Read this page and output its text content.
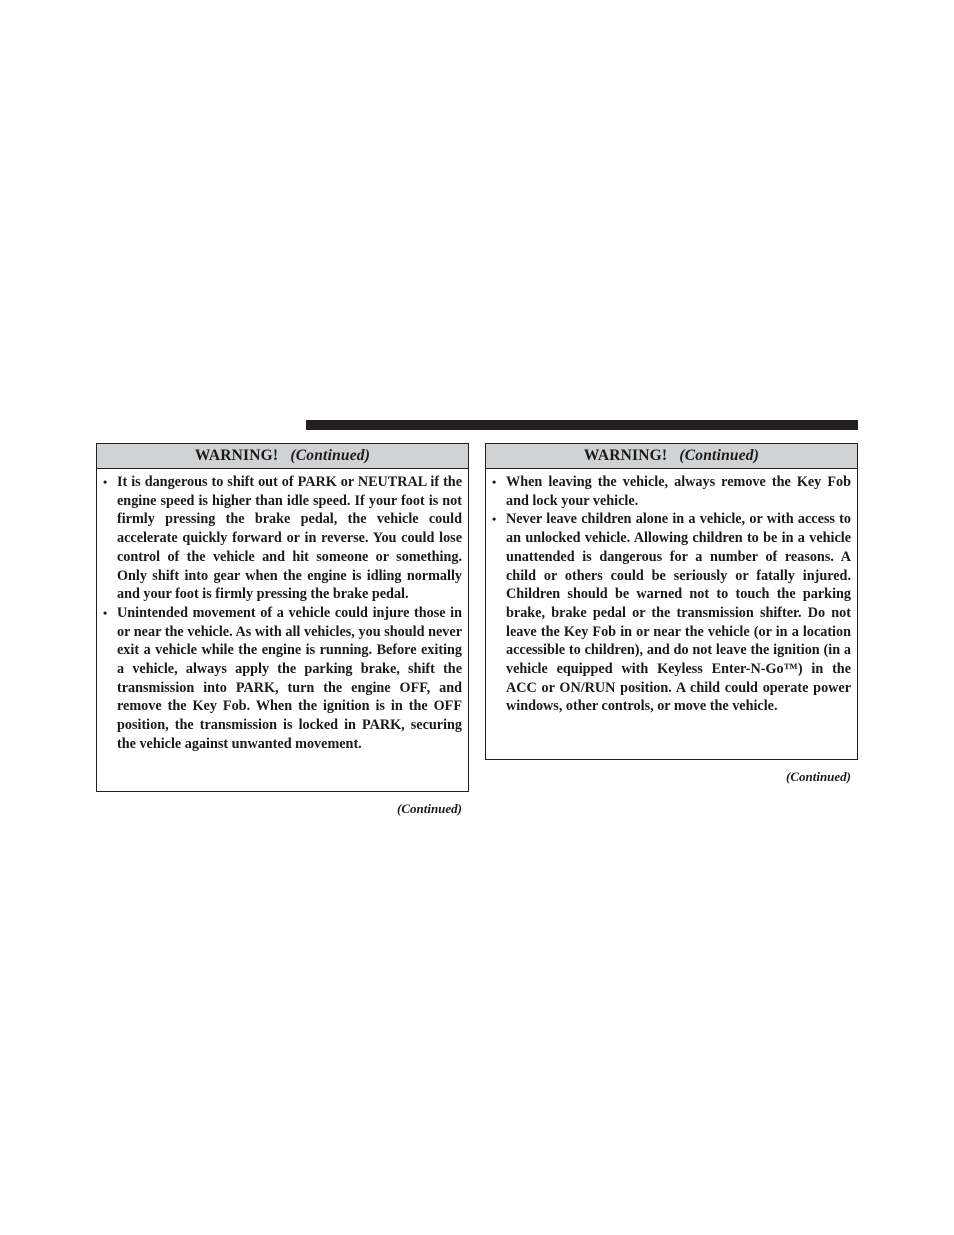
WARNING! (Continued)
• It is dangerous to shift out of PARK or NEUTRAL if the engine speed is higher than idle speed. If your foot is not firmly pressing the brake pedal, the vehicle could accelerate quickly forward or in reverse. You could lose control of the vehicle and hit someone or something. Only shift into gear when the engine is idling normally and your foot is firmly pressing the brake pedal.
• Unintended movement of a vehicle could injure those in or near the vehicle. As with all vehicles, you should never exit a vehicle while the engine is running. Before exiting a vehicle, always apply the parking brake, shift the transmission into PARK, turn the engine OFF, and remove the Key Fob. When the ignition is in the OFF position, the transmission is locked in PARK, securing the vehicle against unwanted movement.
WARNING! (Continued)
• When leaving the vehicle, always remove the Key Fob and lock your vehicle.
• Never leave children alone in a vehicle, or with access to an unlocked vehicle. Allowing children to be in a vehicle unattended is dangerous for a number of reasons. A child or others could be seriously or fatally injured. Children should be warned not to touch the parking brake, brake pedal or the transmission shifter. Do not leave the Key Fob in or near the vehicle (or in a location accessible to children), and do not leave the ignition (in a vehicle equipped with Keyless Enter-N-Go™) in the ACC or ON/RUN position. A child could operate power windows, other controls, or move the vehicle.
(Continued)
(Continued)
